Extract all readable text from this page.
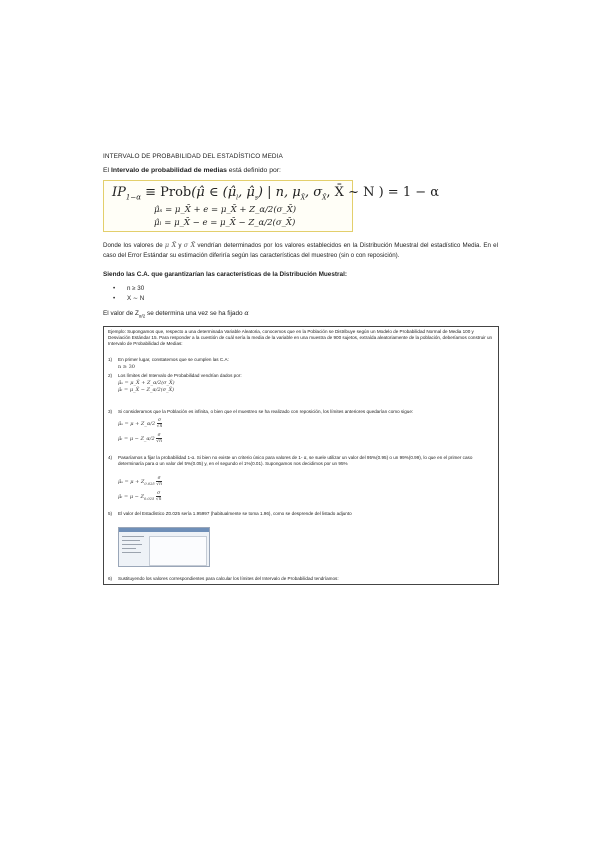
INTERVALO DE PROBABILIDAD DEL ESTADÍSTICO MEDIA
El Intervalo de probabilidad de medias está definido por:
$IP_{1-\alpha}$ ≡ Prob(μ̂ ∈ ($\mû_l$, $\mû_s$) | n, $\mu_{X̄}$, $\sigma_{X̄}$, X̄ ~ N ) = 1 − α
μ̂ₛ = μ_X̄ + e = μ_X̄ + Z_α/2(σ_X̄)
μ̂ₗ = μ_X̄ − e = μ_X̄ − Z_α/2(σ_X̄)
Donde los valores de μ X̄ y σ X̄ vendrían determinados por los valores establecidos en la Distribución Muestral del estadístico Media. En el caso del Error Estándar su estimación diferiría según las características del muestreo (sin o con reposición).
Siendo las C.A. que garantizarían las características de la Distribución Muestral:
• n ≥ 30
• X ∼ N
El valor de $Z_{\alpha/2}$ se determina una vez se ha fijado α
Ejemplo: Supongamos que, respecto a una determinada Variable Aleatoria, conocemos que en la Población se Distribuye según un Modelo de Probabilidad Normal de Media 100 y Desviación Estándar 15. Para responder a la cuestión de cuál sería la media de la variable en una muestra de 900 sujetos, extraída aleatoriamente de la población, deberíamos construir un Intervalo de Probabilidad de Medias:
1) En primer lugar, constatemos que se cumplen las C.A:
n ≥ 30
2) Los límites del Intervalo de Probabilidad vendrían dados por:
μ̂ₛ = μ_X̄ + Z_α/2(σ_X̄)
μ̂ₗ = μ_X̄ − Z_α/2(σ_X̄)
3) Si consideramos que la Población es infinita, o bien que el muestreo se ha realizado con reposición, los límites anteriores quedarían como sigue:
μ̂ₛ = μ + Z_α/2 $\frac{\sigma}{√n}$
μ̂ₗ = μ − Z_α/2 $\frac{\sigma}{√n}$
4) Pasaríamos a fijar la probabilidad 1-α. Si bien no existe un criterio único para valores de 1- α, se suele utilizar un valor del 95%(0.95) o un 99%(0.99), lo que en el primer caso determinaría para α un valor del 5%(0.05) y, en el segundo el 1%(0.01). Supongamos nos decidimos por un 95%
μ̂ₛ = $\mu + Z_{0.025} \frac{\sigma}{√n}$
μ̂ₗ = $\mu - Z_{0.025} \frac{\sigma}{√n}$
5) El valor del Estadístico Z0.025 sería 1.95997 (habitualmente se toma 1.96), como se desprende del listado adjunto
6) Sustituyendo los valores correspondientes para calcular los límites del Intervalo de Probabilidad tendríamos:
